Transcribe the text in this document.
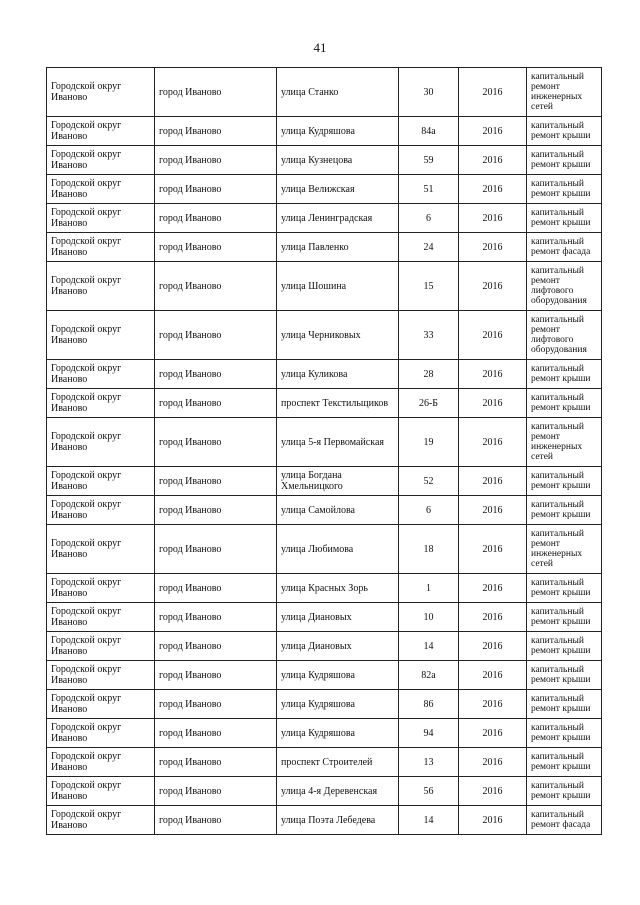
41
Городской округ Иваново	город Иваново	улица Станко	30	2016	капитальный ремонт инженерных сетей
Городской округ Иваново	город Иваново	улица Кудряшова	84а	2016	капитальный ремонт крыши
Городской округ Иваново	город Иваново	улица Кузнецова	59	2016	капитальный ремонт крыши
Городской округ Иваново	город Иваново	улица Велижская	51	2016	капитальный ремонт крыши
Городской округ Иваново	город Иваново	улица Ленинградская	6	2016	капитальный ремонт крыши
Городской округ Иваново	город Иваново	улица Павленко	24	2016	капитальный ремонт фасада
Городской округ Иваново	город Иваново	улица Шошина	15	2016	капитальный ремонт лифтового оборудования
Городской округ Иваново	город Иваново	улица Черниковых	33	2016	капитальный ремонт лифтового оборудования
Городской округ Иваново	город Иваново	улица Куликова	28	2016	капитальный ремонт крыши
Городской округ Иваново	город Иваново	проспект Текстильщиков	26-Б	2016	капитальный ремонт крыши
Городской округ Иваново	город Иваново	улица 5-я Первомайская	19	2016	капитальный ремонт инженерных сетей
Городской округ Иваново	город Иваново	улица Богдана Хмельницкого	52	2016	капитальный ремонт крыши
Городской округ Иваново	город Иваново	улица Самойлова	6	2016	капитальный ремонт крыши
Городской округ Иваново	город Иваново	улица Любимова	18	2016	капитальный ремонт инженерных сетей
Городской округ Иваново	город Иваново	улица Красных Зорь	1	2016	капитальный ремонт крыши
Городской округ Иваново	город Иваново	улица Диановых	10	2016	капитальный ремонт крыши
Городской округ Иваново	город Иваново	улица Диановых	14	2016	капитальный ремонт крыши
Городской округ Иваново	город Иваново	улица Кудряшова	82а	2016	капитальный ремонт крыши
Городской округ Иваново	город Иваново	улица Кудряшова	86	2016	капитальный ремонт крыши
Городской округ Иваново	город Иваново	улица Кудряшова	94	2016	капитальный ремонт крыши
Городской округ Иваново	город Иваново	проспект Строителей	13	2016	капитальный ремонт крыши
Городской округ Иваново	город Иваново	улица 4-я Деревенская	56	2016	капитальный ремонт крыши
Городской округ Иваново	город Иваново	улица Поэта Лебедева	14	2016	капитальный ремонт фасада
